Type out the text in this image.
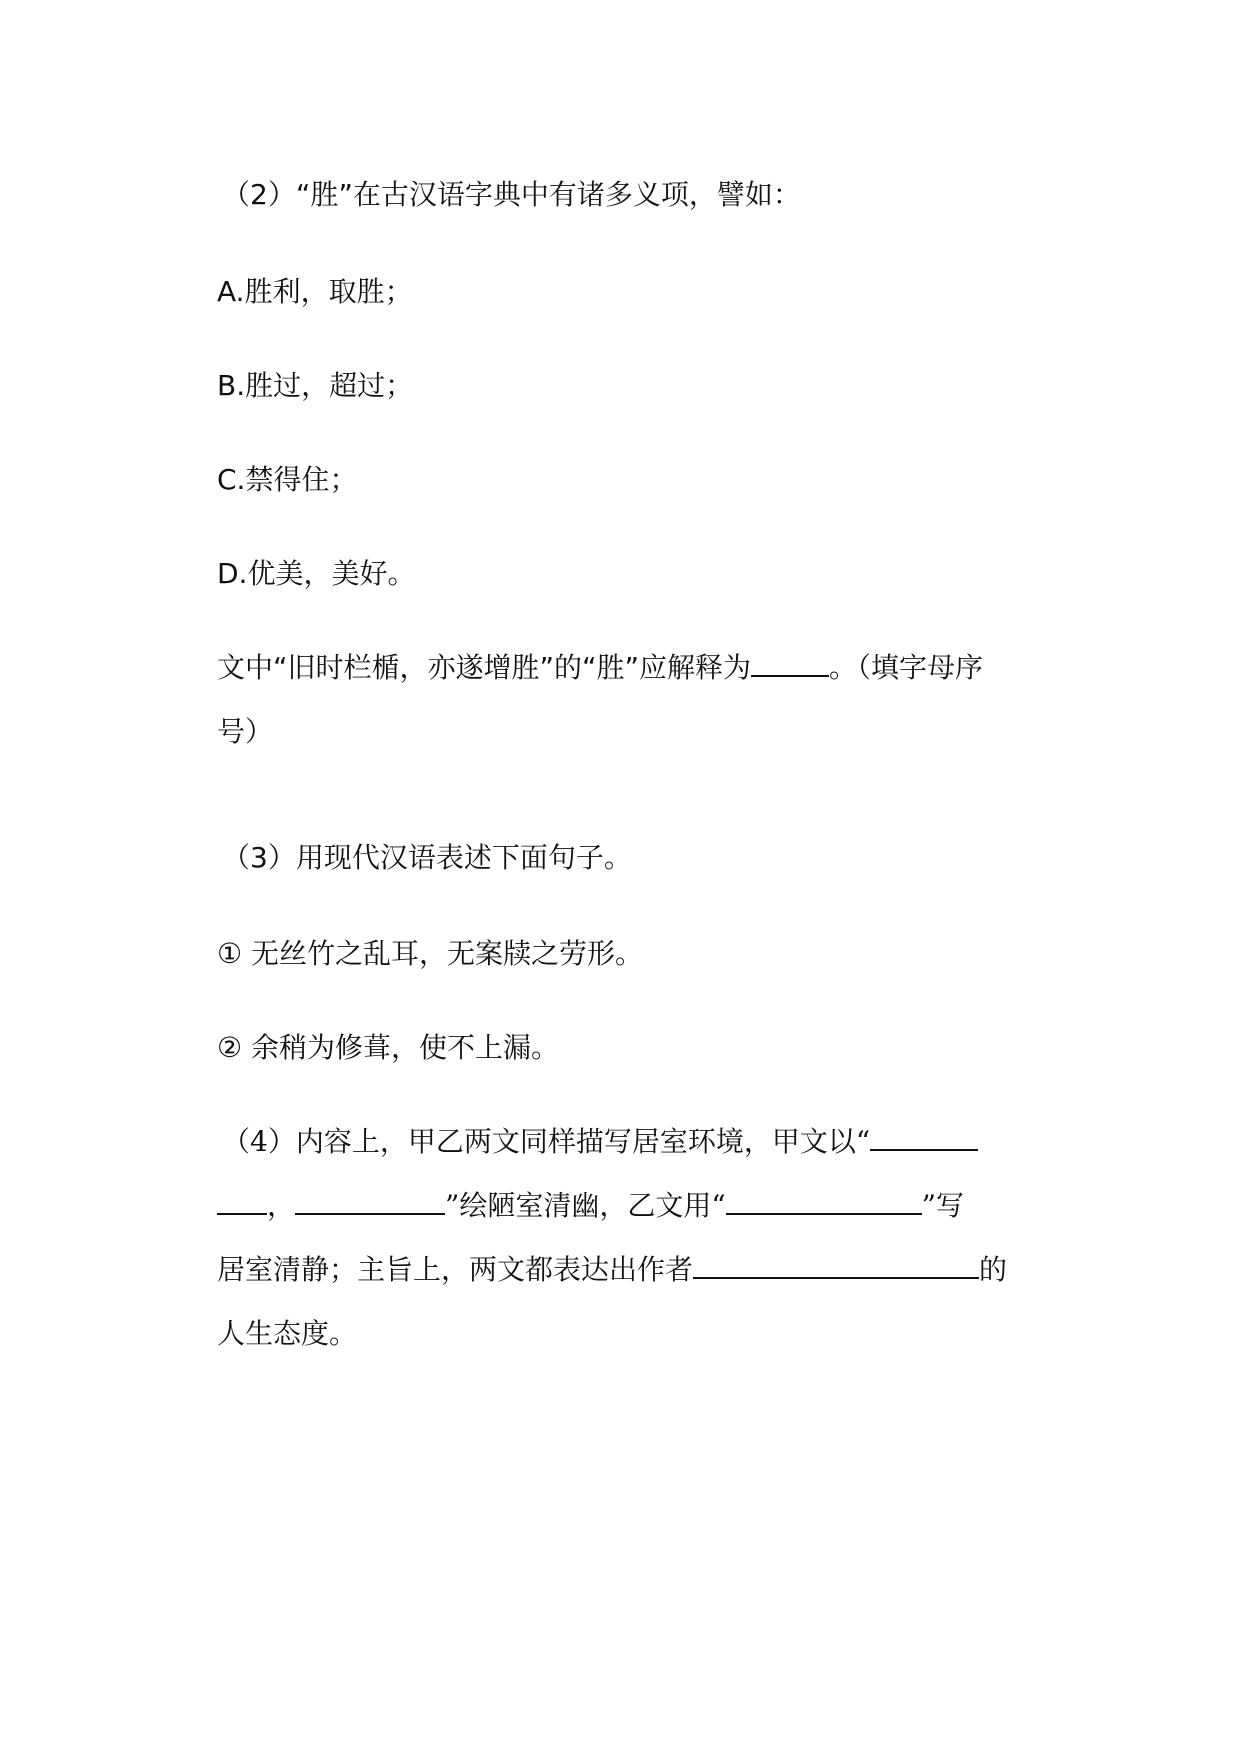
（2）“胜”在古汉语字典中有诸多义项，譬如：
A.胜利，取胜；
B.胜过，超过；
C.禁得住；
D.优美，美好。
文中“旧时栏楯，亦遂增胜”的“胜”应解释为	。（填字母序
号）
（3）用现代汉语表述下面句子。
① 无丝竹之乱耳，无案牍之劳形。
② 余稍为修葺，使不上漏。
（4）内容上，甲乙两文同样描写居室环境，甲文以“
，	”绘陋室清幽，乙文用“	”写
居室清静；主旨上，两文都表达出作者	的
人生态度。
